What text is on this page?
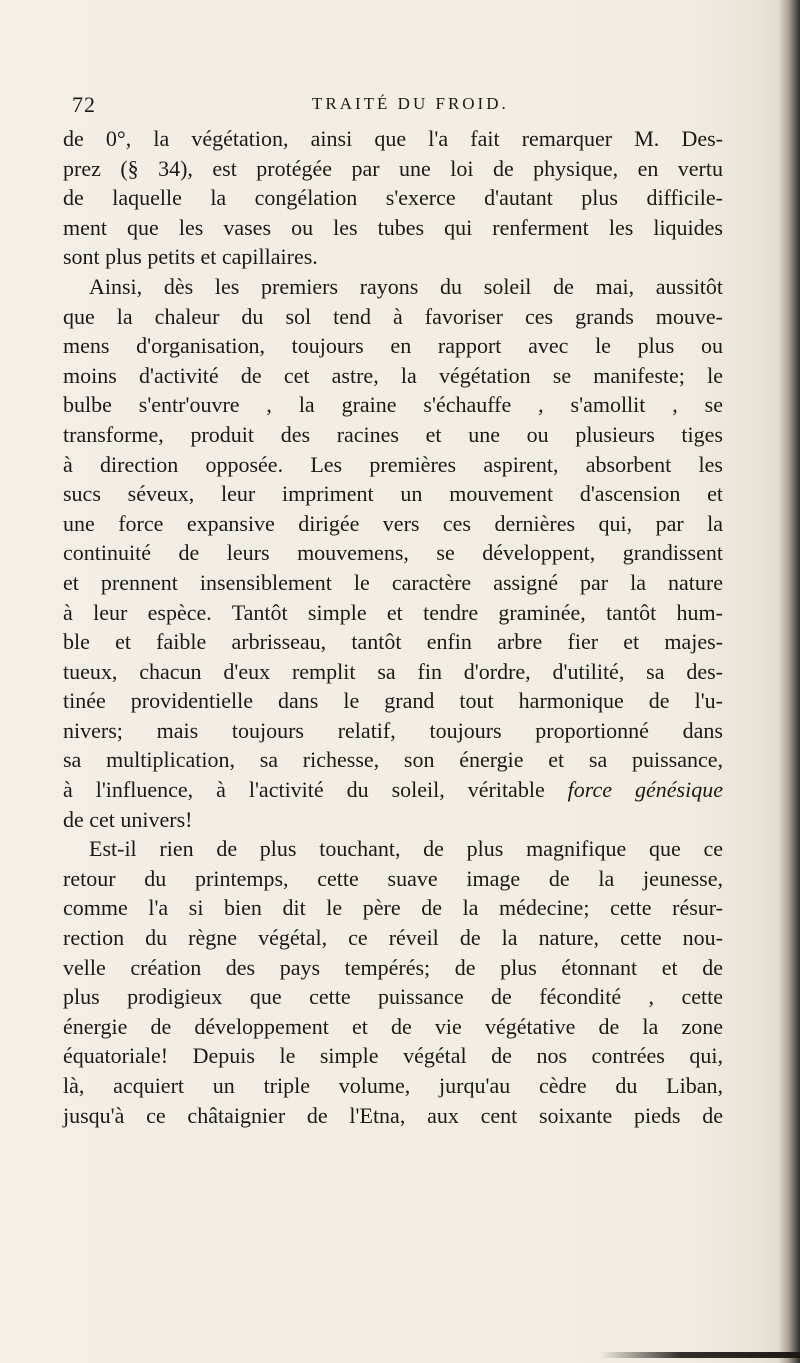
72	TRAITÉ DU FROID.
de 0°, la végétation, ainsi que l'a fait remarquer M. Des-
prez (§ 34), est protégée par une loi de physique, en vertu
de laquelle la congélation s'exerce d'autant plus difficile-
ment que les vases ou les tubes qui renferment les liquides
sont plus petits et capillaires.
Ainsi, dès les premiers rayons du soleil de mai, aussitôt
que la chaleur du sol tend à favoriser ces grands mouve-
mens d'organisation, toujours en rapport avec le plus ou
moins d'activité de cet astre, la végétation se manifeste; le
bulbe s'entr'ouvre , la graine s'échauffe , s'amollit , se
transforme, produit des racines et une ou plusieurs tiges
à direction opposée. Les premières aspirent, absorbent les
sucs séveux, leur impriment un mouvement d'ascension et
une force expansive dirigée vers ces dernières qui, par la
continuité de leurs mouvemens, se développent, grandissent
et prennent insensiblement le caractère assigné par la nature
à leur espèce. Tantôt simple et tendre graminée, tantôt hum-
ble et faible arbrisseau, tantôt enfin arbre fier et majes-
tueux, chacun d'eux remplit sa fin d'ordre, d'utilité, sa des-
tinée providentielle dans le grand tout harmonique de l'u-
nivers; mais toujours relatif, toujours proportionné dans
sa multiplication, sa richesse, son énergie et sa puissance,
à l'influence, à l'activité du soleil, véritable force génésique
de cet univers!
Est-il rien de plus touchant, de plus magnifique que ce
retour du printemps, cette suave image de la jeunesse,
comme l'a si bien dit le père de la médecine; cette résur-
rection du règne végétal, ce réveil de la nature, cette nou-
velle création des pays tempérés; de plus étonnant et de
plus prodigieux que cette puissance de fécondité , cette
énergie de développement et de vie végétative de la zone
équatoriale! Depuis le simple végétal de nos contrées qui,
là, acquiert un triple volume, jurqu'au cèdre du Liban,
jusqu'à ce châtaignier de l'Etna, aux cent soixante pieds de
